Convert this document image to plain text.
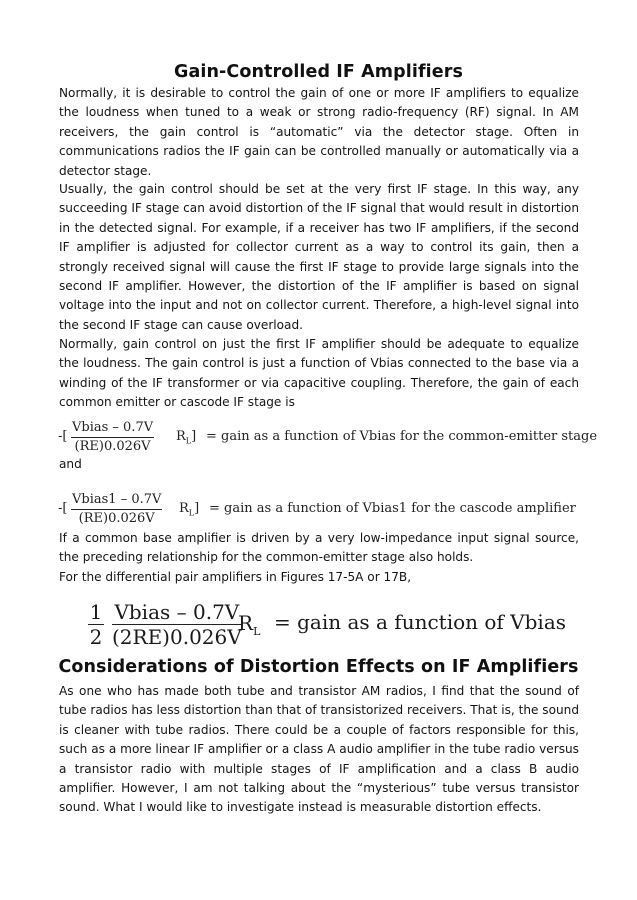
Gain-Controlled IF Amplifiers
Normally, it is desirable to control the gain of one or more IF amplifiers to equalize the loudness when tuned to a weak or strong radio-frequency (RF) signal. In AM receivers, the gain control is “automatic” via the detector stage. Often in communications radios the IF gain can be controlled manually or automatically via a detector stage.
Usually, the gain control should be set at the very first IF stage. In this way, any succeeding IF stage can avoid distortion of the IF signal that would result in distortion in the detected signal. For example, if a receiver has two IF amplifiers, if the second IF amplifier is adjusted for collector current as a way to control its gain, then a strongly received signal will cause the first IF stage to provide large signals into the second IF amplifier. However, the distortion of the IF amplifier is based on signal voltage into the input and not on collector current. Therefore, a high-level signal into the second IF stage can cause overload.
Normally, gain control on just the first IF amplifier should be adequate to equalize the loudness. The gain control is just a function of Vbias connected to the base via a winding of the IF transformer or via capacitive coupling. Therefore, the gain of each common emitter or cascode IF stage is
-[
Vbias – 0.7V
(RE)0.026V
$R_L$] = gain as a function of Vbias for the common-emitter stage
and
-[
Vbias1 – 0.7V
(RE)0.026V
$R_L$] = gain as a function of Vbias1 for the cascode amplifier
If a common base amplifier is driven by a very low-impedance input signal source, the preceding relationship for the common-emitter stage also holds.
For the differential pair amplifiers in Figures 17-5A or 17B,
$\frac{1}{2}$ Vbias – 0.7V
(2RE)0.026V
$R_L$ = gain as a function of Vbias
Considerations of Distortion Effects on IF Amplifiers
As one who has made both tube and transistor AM radios, I find that the sound of tube radios has less distortion than that of transistorized receivers. That is, the sound is cleaner with tube radios. There could be a couple of factors responsible for this, such as a more linear IF amplifier or a class A audio amplifier in the tube radio versus a transistor radio with multiple stages of IF amplification and a class B audio amplifier. However, I am not talking about the “mysterious” tube versus transistor sound. What I would like to investigate instead is measurable distortion effects.
